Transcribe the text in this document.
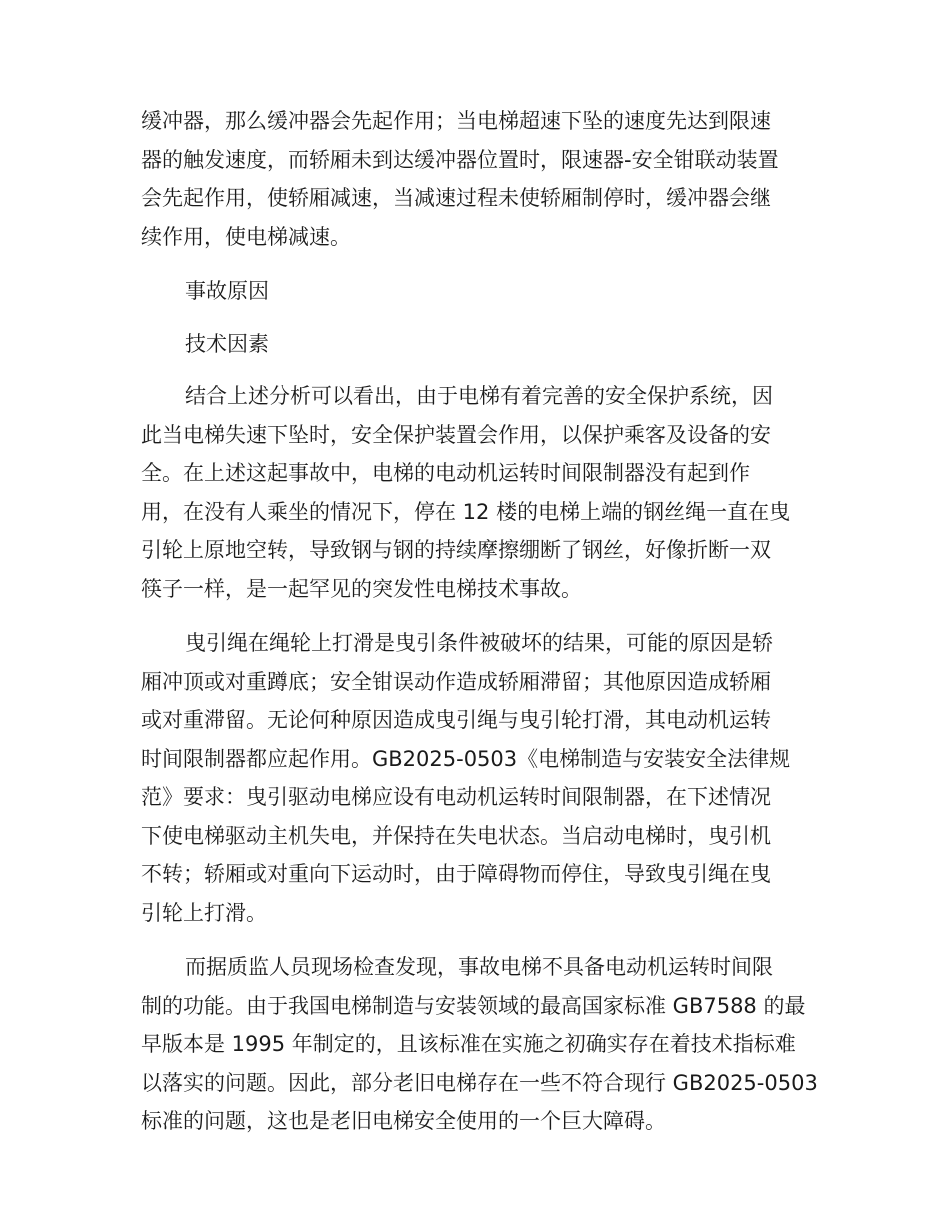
缓冲器，那么缓冲器会先起作用；当电梯超速下坠的速度先达到限速
器的触发速度，而轿厢未到达缓冲器位置时，限速器-安全钳联动装置
会先起作用，使轿厢减速，当减速过程未使轿厢制停时，缓冲器会继
续作用，使电梯减速。
事故原因
技术因素
结合上述分析可以看出，由于电梯有着完善的安全保护系统，因
此当电梯失速下坠时，安全保护装置会作用，以保护乘客及设备的安
全。在上述这起事故中，电梯的电动机运转时间限制器没有起到作
用，在没有人乘坐的情况下，停在 12 楼的电梯上端的钢丝绳一直在曳
引轮上原地空转，导致钢与钢的持续摩擦绷断了钢丝，好像折断一双
筷子一样，是一起罕见的突发性电梯技术事故。
曳引绳在绳轮上打滑是曳引条件被破坏的结果，可能的原因是轿
厢冲顶或对重蹲底；安全钳误动作造成轿厢滞留；其他原因造成轿厢
或对重滞留。无论何种原因造成曳引绳与曳引轮打滑，其电动机运转
时间限制器都应起作用。GB2025-0503《电梯制造与安装安全法律规
范》要求：曳引驱动电梯应设有电动机运转时间限制器，在下述情况
下使电梯驱动主机失电，并保持在失电状态。当启动电梯时，曳引机
不转；轿厢或对重向下运动时，由于障碍物而停住，导致曳引绳在曳
引轮上打滑。
而据质监人员现场检查发现，事故电梯不具备电动机运转时间限
制的功能。由于我国电梯制造与安装领域的最高国家标准 GB7588 的最
早版本是 1995 年制定的，且该标准在实施之初确实存在着技术指标难
以落实的问题。因此，部分老旧电梯存在一些不符合现行 GB2025-0503
标准的问题，这也是老旧电梯安全使用的一个巨大障碍。
